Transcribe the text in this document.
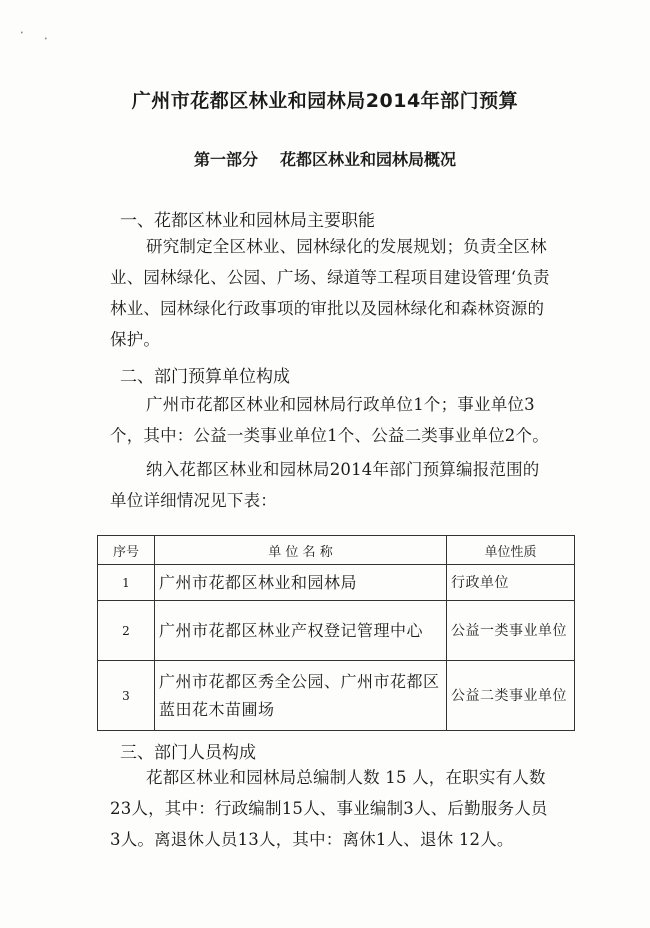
•
•
广州市花都区林业和园林局2014年部门预算
第一部分 花都区林业和园林局概况
一、花都区林业和园林局主要职能
研究制定全区林业、园林绿化的发展规划；负责全区林业、园林绿化、公园、广场、绿道等工程项目建设管理‘负责林业、园林绿化行政事项的审批以及园林绿化和森林资源的保护。
二、部门预算单位构成
广州市花都区林业和园林局行政单位1个；事业单位3个，其中：公益一类事业单位1个、公益二类事业单位2个。
纳入花都区林业和园林局2014年部门预算编报范围的单位详细情况见下表：
序号	单 位 名 称	单位性质
1	广州市花都区林业和园林局	行政单位
2	广州市花都区林业产权登记管理中心	公益一类事业单位
3	广州市花都区秀全公园、广州市花都区蓝田花木苗圃场	公益二类事业单位
三、部门人员构成
花都区林业和园林局总编制人数 15 人，在职实有人数23人，其中：行政编制15人、事业编制3人、后勤服务人员3人。离退休人员13人，其中：离休1人、退休 12人。
